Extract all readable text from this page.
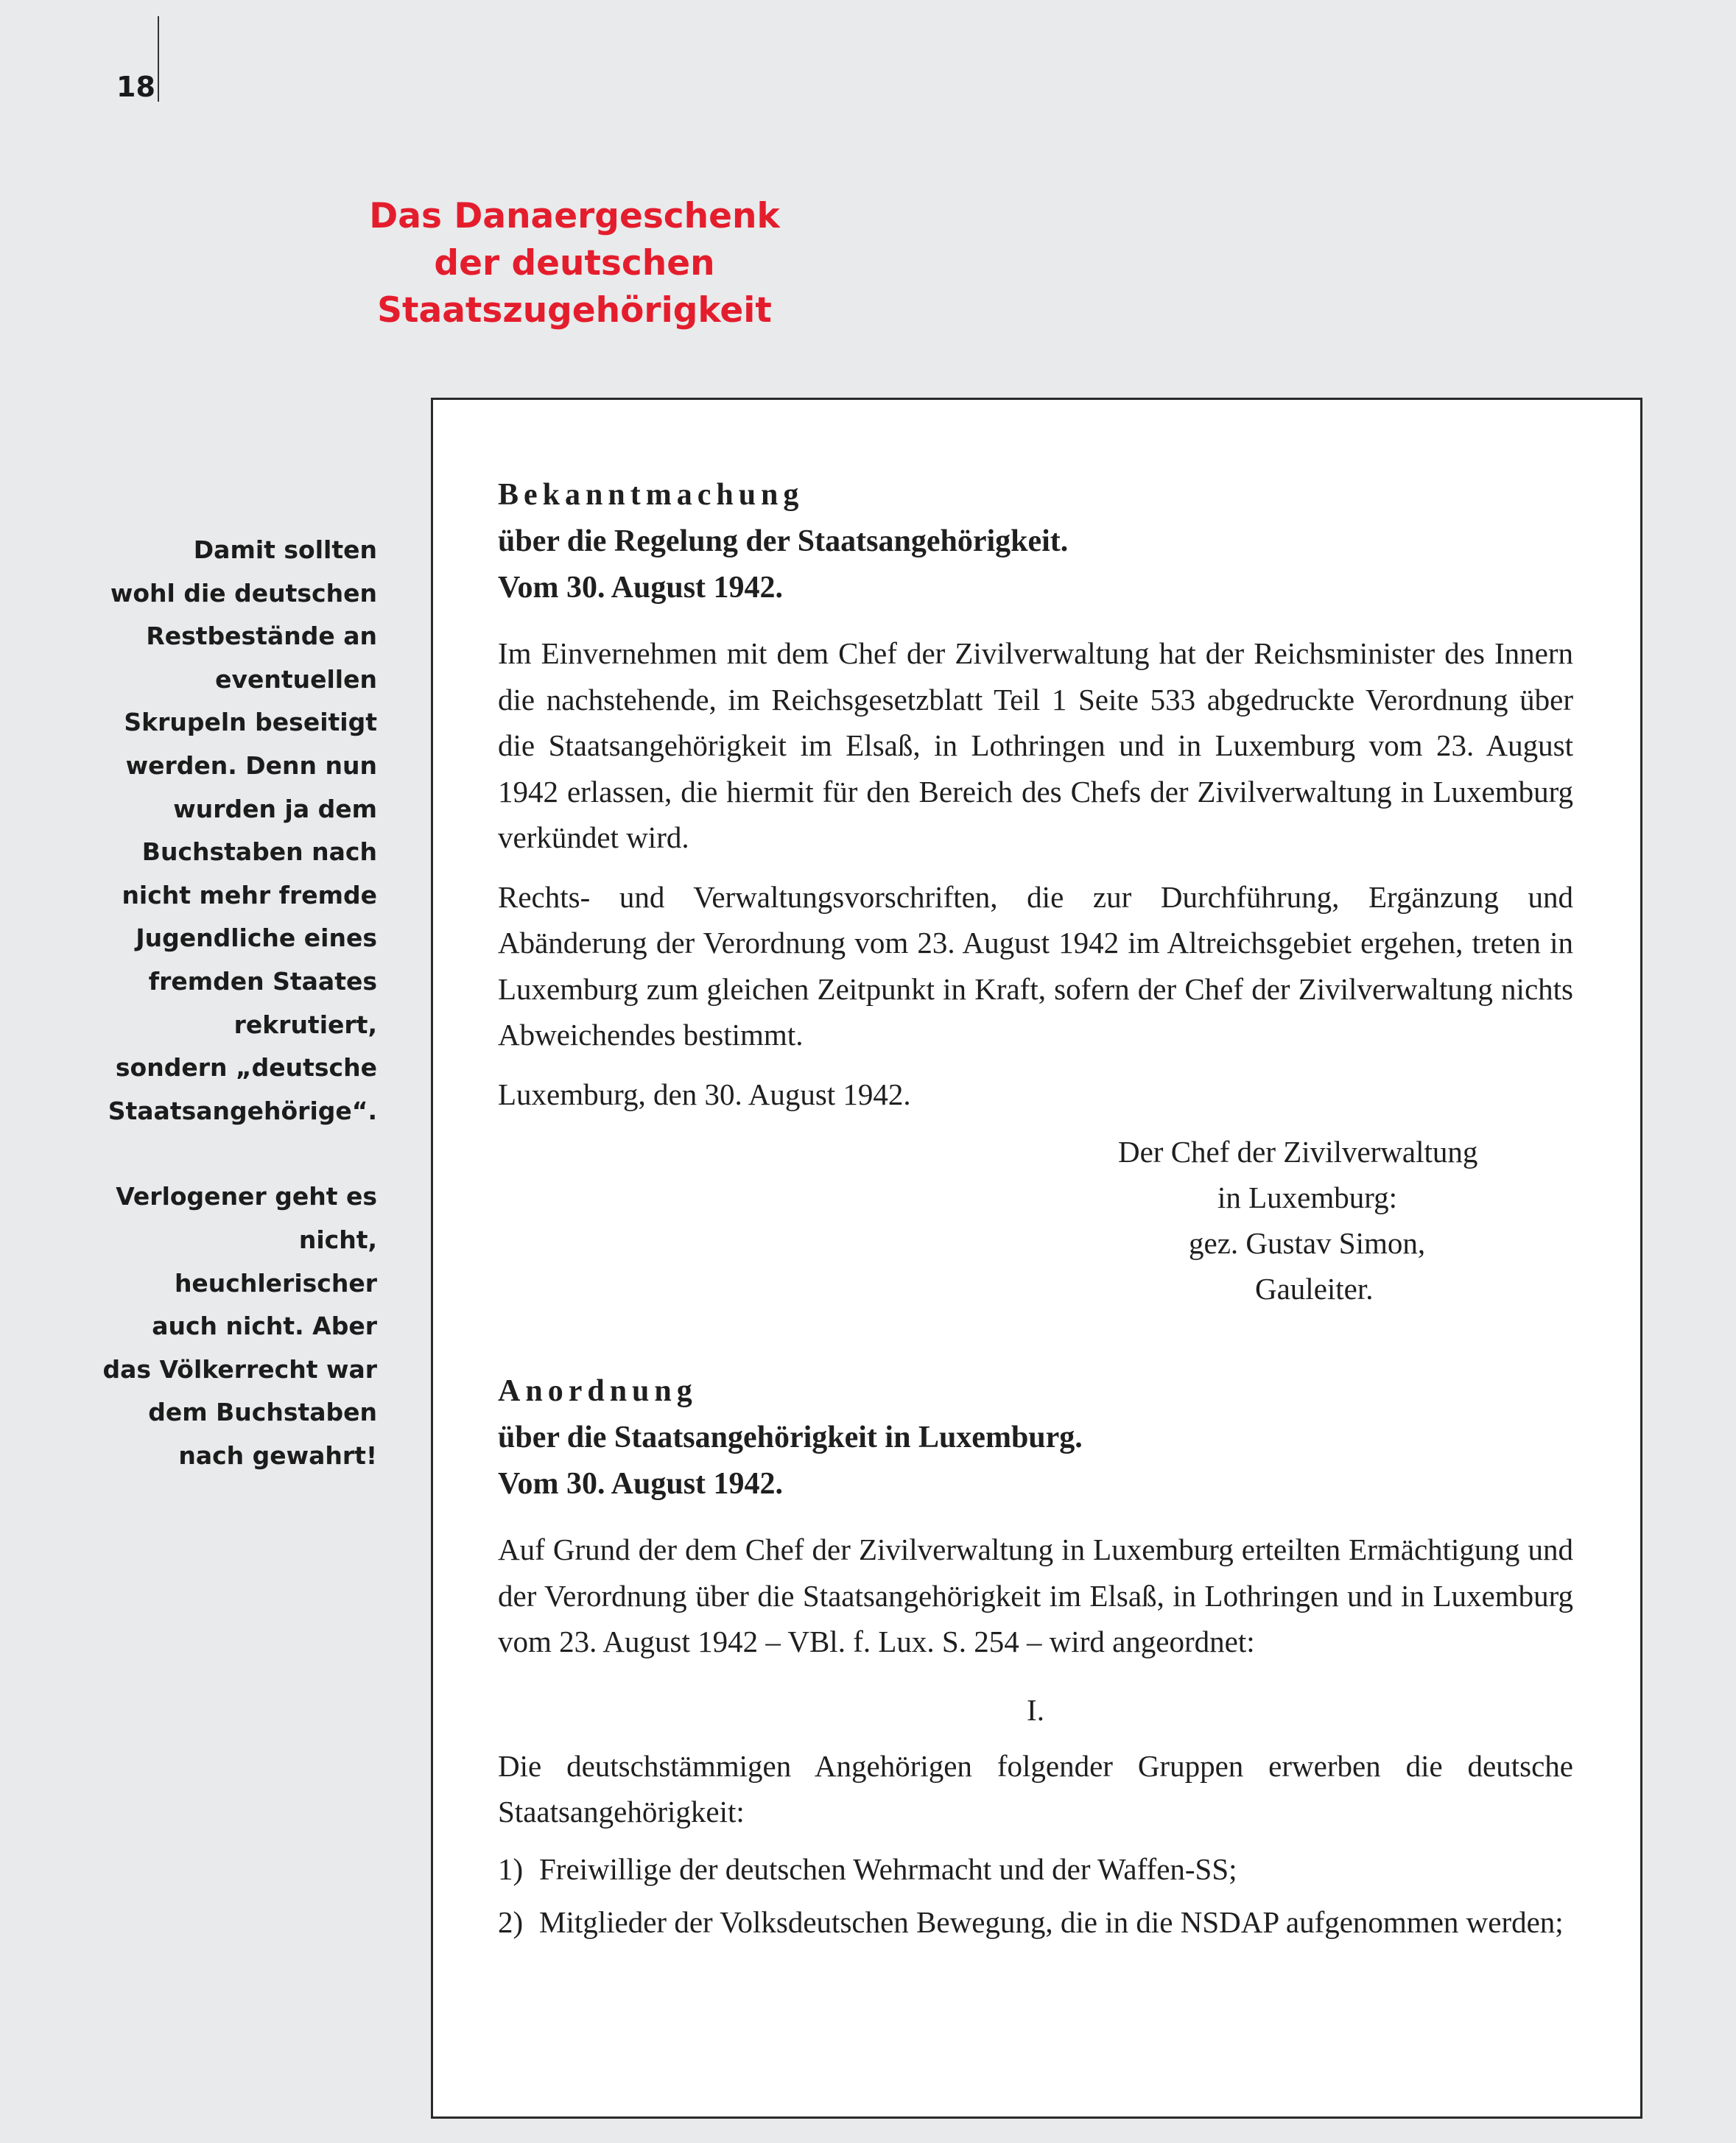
18
Das Danaergeschenk
der deutschen Staatszugehörigkeit

Damit sollten
wohl die deutschen
Restbestände an
eventuellen
Skrupeln beseitigt
werden. Denn nun
wurden ja dem
Buchstaben nach
nicht mehr fremde
Jugendliche eines
fremden Staates
rekrutiert,
sondern „deutsche
Staatsangehörige“.

Verlogener geht es
nicht, heuchlerischer
auch nicht. Aber
das Völkerrecht war
dem Buchstaben
nach gewahrt!

Bekanntmachung

über die Regelung der Staatsangehörigkeit.

Vom 30. August 1942.

Im Einvernehmen mit dem Chef der Zivilverwaltung hat der Reichsminister des Innern die nachstehende, im Reichsgesetzblatt Teil 1 Seite 533 abgedruckte Verordnung über die Staatsangehörigkeit im Elsaß, in Lothringen und in Luxemburg vom 23. August 1942 erlassen, die hiermit für den Bereich des Chefs der Zivilverwaltung in Luxemburg verkündet wird.

Rechts- und Verwaltungsvorschriften, die zur Durchführung, Ergänzung und Abänderung der Verordnung vom 23. August 1942 im Altreichsgebiet ergehen, treten in Luxemburg zum gleichen Zeitpunkt in Kraft, sofern der Chef der Zivilverwaltung nichts Abweichendes bestimmt.

Luxemburg, den 30. August 1942.

Der Chef der Zivilverwaltung
in Luxemburg:
gez. Gustav Simon,
Gauleiter.

Anordnung

über die Staatsangehörigkeit in Luxemburg.

Vom 30. August 1942.

Auf Grund der dem Chef der Zivilverwaltung in Luxemburg erteilten Ermächtigung und der Verordnung über die Staatsangehörigkeit im Elsaß, in Lothringen und in Luxemburg vom 23. August 1942 – VBl. f. Lux. S. 254 – wird angeordnet:

I.

Die deutschstämmigen Angehörigen folgender Gruppen erwerben die deutsche Staatsangehörigkeit:

1) Freiwillige der deutschen Wehrmacht und der Waffen-SS;
2) Mitglieder der Volksdeutschen Bewegung, die in die NSDAP aufgenommen werden;
